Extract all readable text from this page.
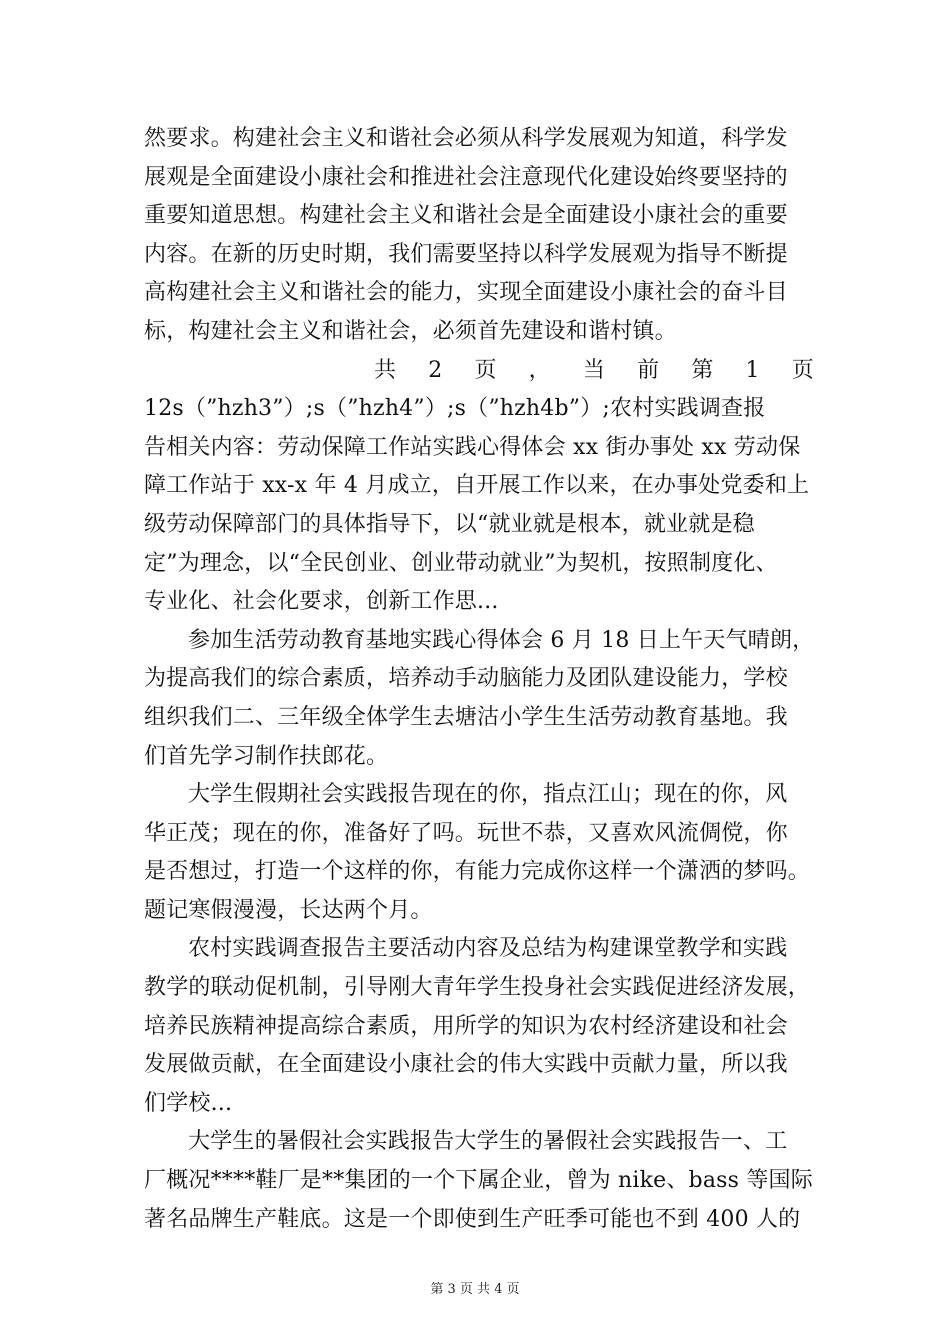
然要求。构建社会主义和谐社会必须从科学发展观为知道，科学发
展观是全面建设小康社会和推进社会注意现代化建设始终要坚持的
重要知道思想。构建社会主义和谐社会是全面建设小康社会的重要
内容。在新的历史时期，我们需要坚持以科学发展观为指导不断提
高构建社会主义和谐社会的能力，实现全面建设小康社会的奋斗目
标，构建社会主义和谐社会，必须首先建设和谐村镇。
共 2 页 ， 当 前 第 1 页
12s（”hzh3”）;s（”hzh4”）;s（”hzh4b”）;农村实践调查报
告相关内容：劳动保障工作站实践心得体会 xx 街办事处 xx 劳动保
障工作站于 xx-x 年 4 月成立，自开展工作以来，在办事处党委和上
级劳动保障部门的具体指导下，以“就业就是根本，就业就是稳
定”为理念，以“全民创业、创业带动就业”为契机，按照制度化、
专业化、社会化要求，创新工作思...
参加生活劳动教育基地实践心得体会 6 月 18 日上午天气晴朗，
为提高我们的综合素质，培养动手动脑能力及团队建设能力，学校
组织我们二、三年级全体学生去塘沽小学生生活劳动教育基地。我
们首先学习制作扶郎花。
大学生假期社会实践报告现在的你，指点江山；现在的你，风
华正茂；现在的你，准备好了吗。玩世不恭，又喜欢风流倜傥，你
是否想过，打造一个这样的你，有能力完成你这样一个潇洒的梦吗。
题记寒假漫漫，长达两个月。
农村实践调查报告主要活动内容及总结为构建课堂教学和实践
教学的联动促机制，引导刚大青年学生投身社会实践促进经济发展，
培养民族精神提高综合素质，用所学的知识为农村经济建设和社会
发展做贡献，在全面建设小康社会的伟大实践中贡献力量，所以我
们学校...
大学生的暑假社会实践报告大学生的暑假社会实践报告一、工
厂概况****鞋厂是**集团的一个下属企业，曾为 nike、bass 等国际
著名品牌生产鞋底。这是一个即使到生产旺季可能也不到 400 人的
第 3 页 共 4 页
